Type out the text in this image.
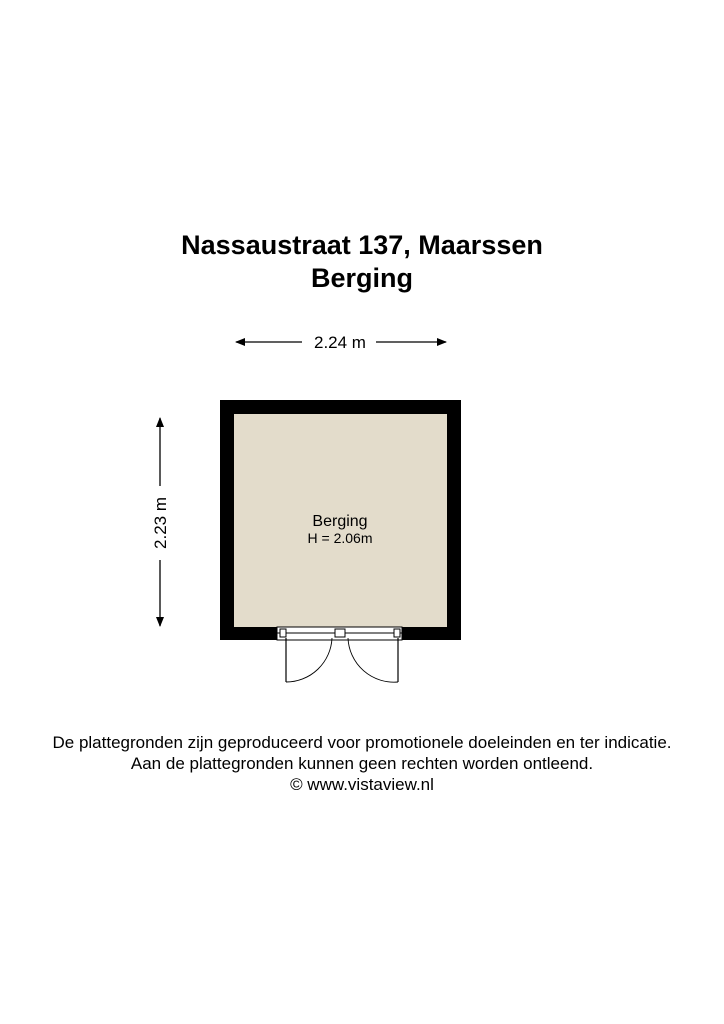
Nassaustraat 137, Maarssen
Berging
2.24 m
2.23 m	Berging
H = 2.06m
De plattegronden zijn geproduceerd voor promotionele doeleinden en ter indicatie.
Aan de plattegronden kunnen geen rechten worden ontleend.
© www.vistaview.nl
